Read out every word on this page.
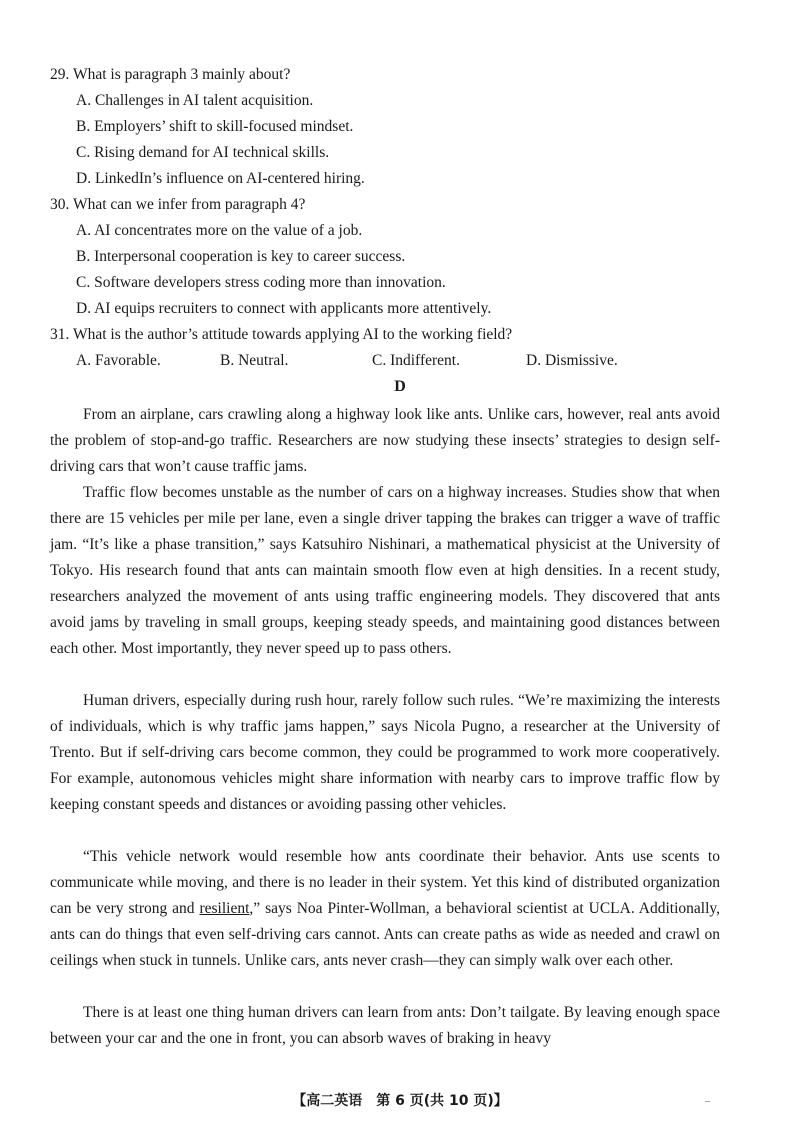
29. What is paragraph 3 mainly about?
A. Challenges in AI talent acquisition.
B. Employers’ shift to skill-focused mindset.
C. Rising demand for AI technical skills.
D. LinkedIn’s influence on AI-centered hiring.
30. What can we infer from paragraph 4?
A. AI concentrates more on the value of a job.
B. Interpersonal cooperation is key to career success.
C. Software developers stress coding more than innovation.
D. AI equips recruiters to connect with applicants more attentively.
31. What is the author’s attitude towards applying AI to the working field?
A. Favorable.	B. Neutral.	C. Indifferent.	D. Dismissive.
D

From an airplane, cars crawling along a highway look like ants. Unlike cars, however, real ants avoid the problem of stop-and-go traffic. Researchers are now studying these insects’ strategies to design self-driving cars that won’t cause traffic jams.

Traffic flow becomes unstable as the number of cars on a highway increases. Studies show that when there are 15 vehicles per mile per lane, even a single driver tapping the brakes can trigger a wave of traffic jam. “It’s like a phase transition,” says Katsuhiro Nishinari, a mathematical physicist at the University of Tokyo. His research found that ants can maintain smooth flow even at high densities. In a recent study, researchers analyzed the movement of ants using traffic engineering models. They discovered that ants avoid jams by traveling in small groups, keeping steady speeds, and maintaining good distances between each other. Most importantly, they never speed up to pass others.

Human drivers, especially during rush hour, rarely follow such rules. “We’re maximizing the interests of individuals, which is why traffic jams happen,” says Nicola Pugno, a researcher at the University of Trento. But if self-driving cars become common, they could be programmed to work more cooperatively. For example, autonomous vehicles might share information with nearby cars to improve traffic flow by keeping constant speeds and distances or avoiding passing other vehicles.

“This vehicle network would resemble how ants coordinate their behavior. Ants use scents to communicate while moving, and there is no leader in their system. Yet this kind of distributed organization can be very strong and resilient,” says Noa Pinter-Wollman, a behavioral scientist at UCLA. Additionally, ants can do things that even self-driving cars cannot. Ants can create paths as wide as needed and crawl on ceilings when stuck in tunnels. Unlike cars, ants never crash—they can simply walk over each other.

There is at least one thing human drivers can learn from ants: Don’t tailgate. By leaving enough space between your car and the one in front, you can absorb waves of braking in heavy

【高二英语　第 6 页(共 10 页)】	–
